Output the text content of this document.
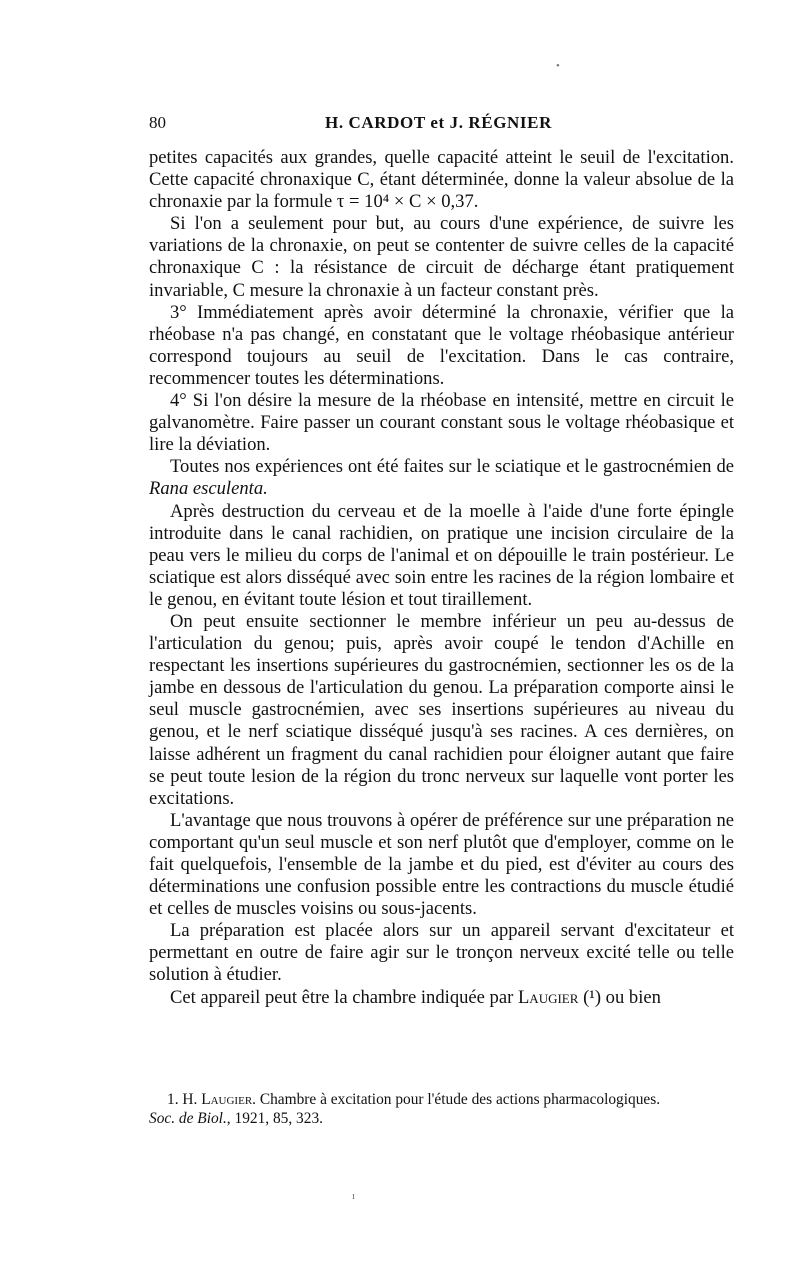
80	H. CARDOT et J. RÉGNIER

petites capacités aux grandes, quelle capacité atteint le seuil de l'excitation. Cette capacité chronaxique C, étant déterminée, donne la valeur absolue de la chronaxie par la formule τ = 10⁴ × C × 0,37.

Si l'on a seulement pour but, au cours d'une expérience, de suivre les variations de la chronaxie, on peut se contenter de suivre celles de la capacité chronaxique C : la résistance de circuit de décharge étant pratiquement invariable, C mesure la chronaxie à un facteur constant près.

3° Immédiatement après avoir déterminé la chronaxie, vérifier que la rhéobase n'a pas changé, en constatant que le voltage rhéobasique antérieur correspond toujours au seuil de l'excitation. Dans le cas contraire, recommencer toutes les déterminations.

4° Si l'on désire la mesure de la rhéobase en intensité, mettre en circuit le galvanomètre. Faire passer un courant constant sous le voltage rhéobasique et lire la déviation.

Toutes nos expériences ont été faites sur le sciatique et le gastrocnémien de Rana esculenta.

Après destruction du cerveau et de la moelle à l'aide d'une forte épingle introduite dans le canal rachidien, on pratique une incision circulaire de la peau vers le milieu du corps de l'animal et on dépouille le train postérieur. Le sciatique est alors disséqué avec soin entre les racines de la région lombaire et le genou, en évitant toute lésion et tout tiraillement.

On peut ensuite sectionner le membre inférieur un peu au-dessus de l'articulation du genou; puis, après avoir coupé le tendon d'Achille en respectant les insertions supérieures du gastrocnémien, sectionner les os de la jambe en dessous de l'articulation du genou. La préparation comporte ainsi le seul muscle gastrocnémien, avec ses insertions supérieures au niveau du genou, et le nerf sciatique disséqué jusqu'à ses racines. A ces dernières, on laisse adhérent un fragment du canal rachidien pour éloigner autant que faire se peut toute lesion de la région du tronc nerveux sur laquelle vont porter les excitations.

L'avantage que nous trouvons à opérer de préférence sur une préparation ne comportant qu'un seul muscle et son nerf plutôt que d'employer, comme on le fait quelquefois, l'ensemble de la jambe et du pied, est d'éviter au cours des déterminations une confusion possible entre les contractions du muscle étudié et celles de muscles voisins ou sous-jacents.

La préparation est placée alors sur un appareil servant d'excitateur et permettant en outre de faire agir sur le tronçon nerveux excité telle ou telle solution à étudier.

Cet appareil peut être la chambre indiquée par Laugier (¹) ou bien

1. H. Laugier. Chambre à excitation pour l'étude des actions pharmacologiques.

Soc. de Biol., 1921, 85, 323.

•
ı
